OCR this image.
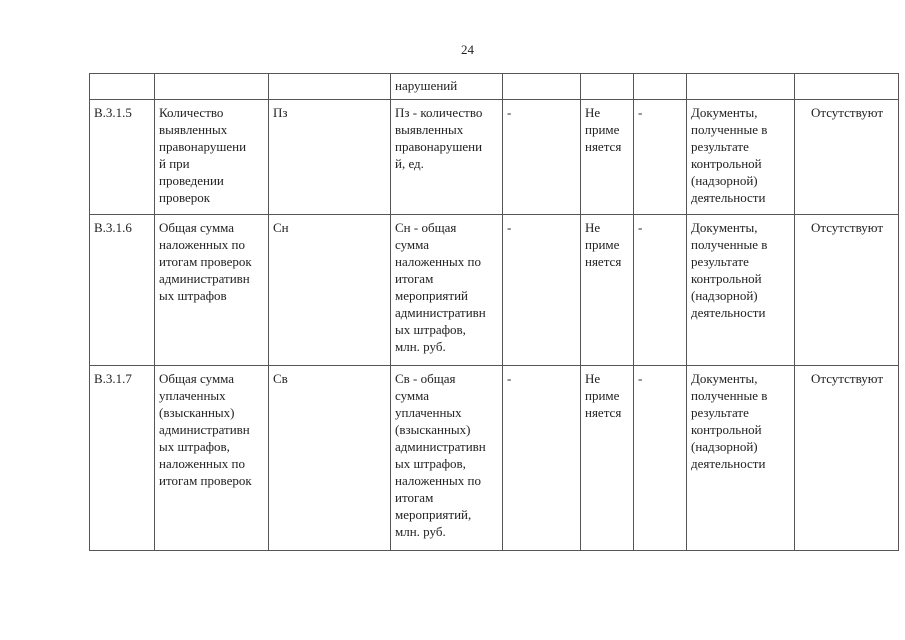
24
			нарушений					
В.3.1.5	Количество
выявленных
правонарушени
й при
проведении
проверок
	Пз	Пз - количество
выявленных
правонарушени
й, ед.
	-	Не
приме
няется
	-	Документы,
полученные в
результате
контрольной
(надзорной)
деятельности
	Отсутствуют
В.3.1.6	Общая сумма
наложенных по
итогам проверок
административн
ых штрафов
	Сн	Сн - общая
сумма
наложенных по
итогам
мероприятий
административн
ых штрафов,
млн. руб.
	-	Не
приме
няется
	-	Документы,
полученные в
результате
контрольной
(надзорной)
деятельности
	Отсутствуют
В.3.1.7	Общая сумма
уплаченных
(взысканных)
административн
ых штрафов,
наложенных по
итогам проверок
	Св	Св - общая
сумма
уплаченных
(взысканных)
административн
ых штрафов,
наложенных по
итогам
мероприятий,
млн. руб.
	-	Не
приме
няется
	-	Документы,
полученные в
результате
контрольной
(надзорной)
деятельности
	Отсутствуют
